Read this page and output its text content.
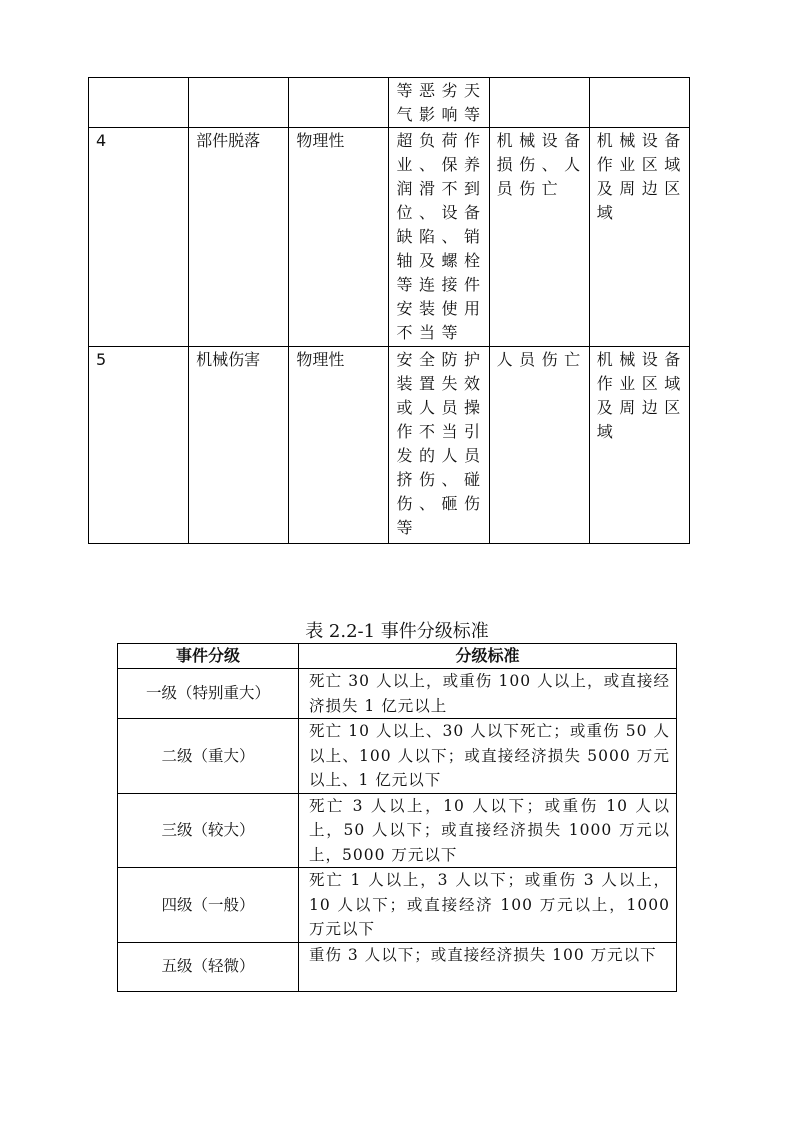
			等恶劣天气影响等		

4	部件脱落	物理性	超负荷作业、保养润滑不到位、设备缺陷、销轴及螺栓等连接件安装使用不当等	机械设备损伤、人员伤亡	机械设备作业区域及周边区域

5	机械伤害	物理性	安全防护装置失效或人员操作不当引发的人员挤伤、碰伤、砸伤等	人员伤亡	机械设备作业区域及周边区域
表 2.2-1 事件分级标准
事件分级	分级标准
一级（特别重大）	死亡 30 人以上，或重伤 100 人以上，或直接经济损失 1 亿元以上
二级（重大）	死亡 10 人以上、30 人以下死亡；或重伤 50 人以上、100 人以下；或直接经济损失 5000 万元以上、1 亿元以下
三级（较大）	死亡 3 人以上，10 人以下；或重伤 10 人以上，50 人以下；或直接经济损失 1000 万元以上，5000 万元以下
四级（一般）	死亡 1 人以上，3 人以下；或重伤 3 人以上，10 人以下；或直接经济 100 万元以上，1000 万元以下
五级（轻微）	重伤 3 人以下；或直接经济损失 100 万元以下
